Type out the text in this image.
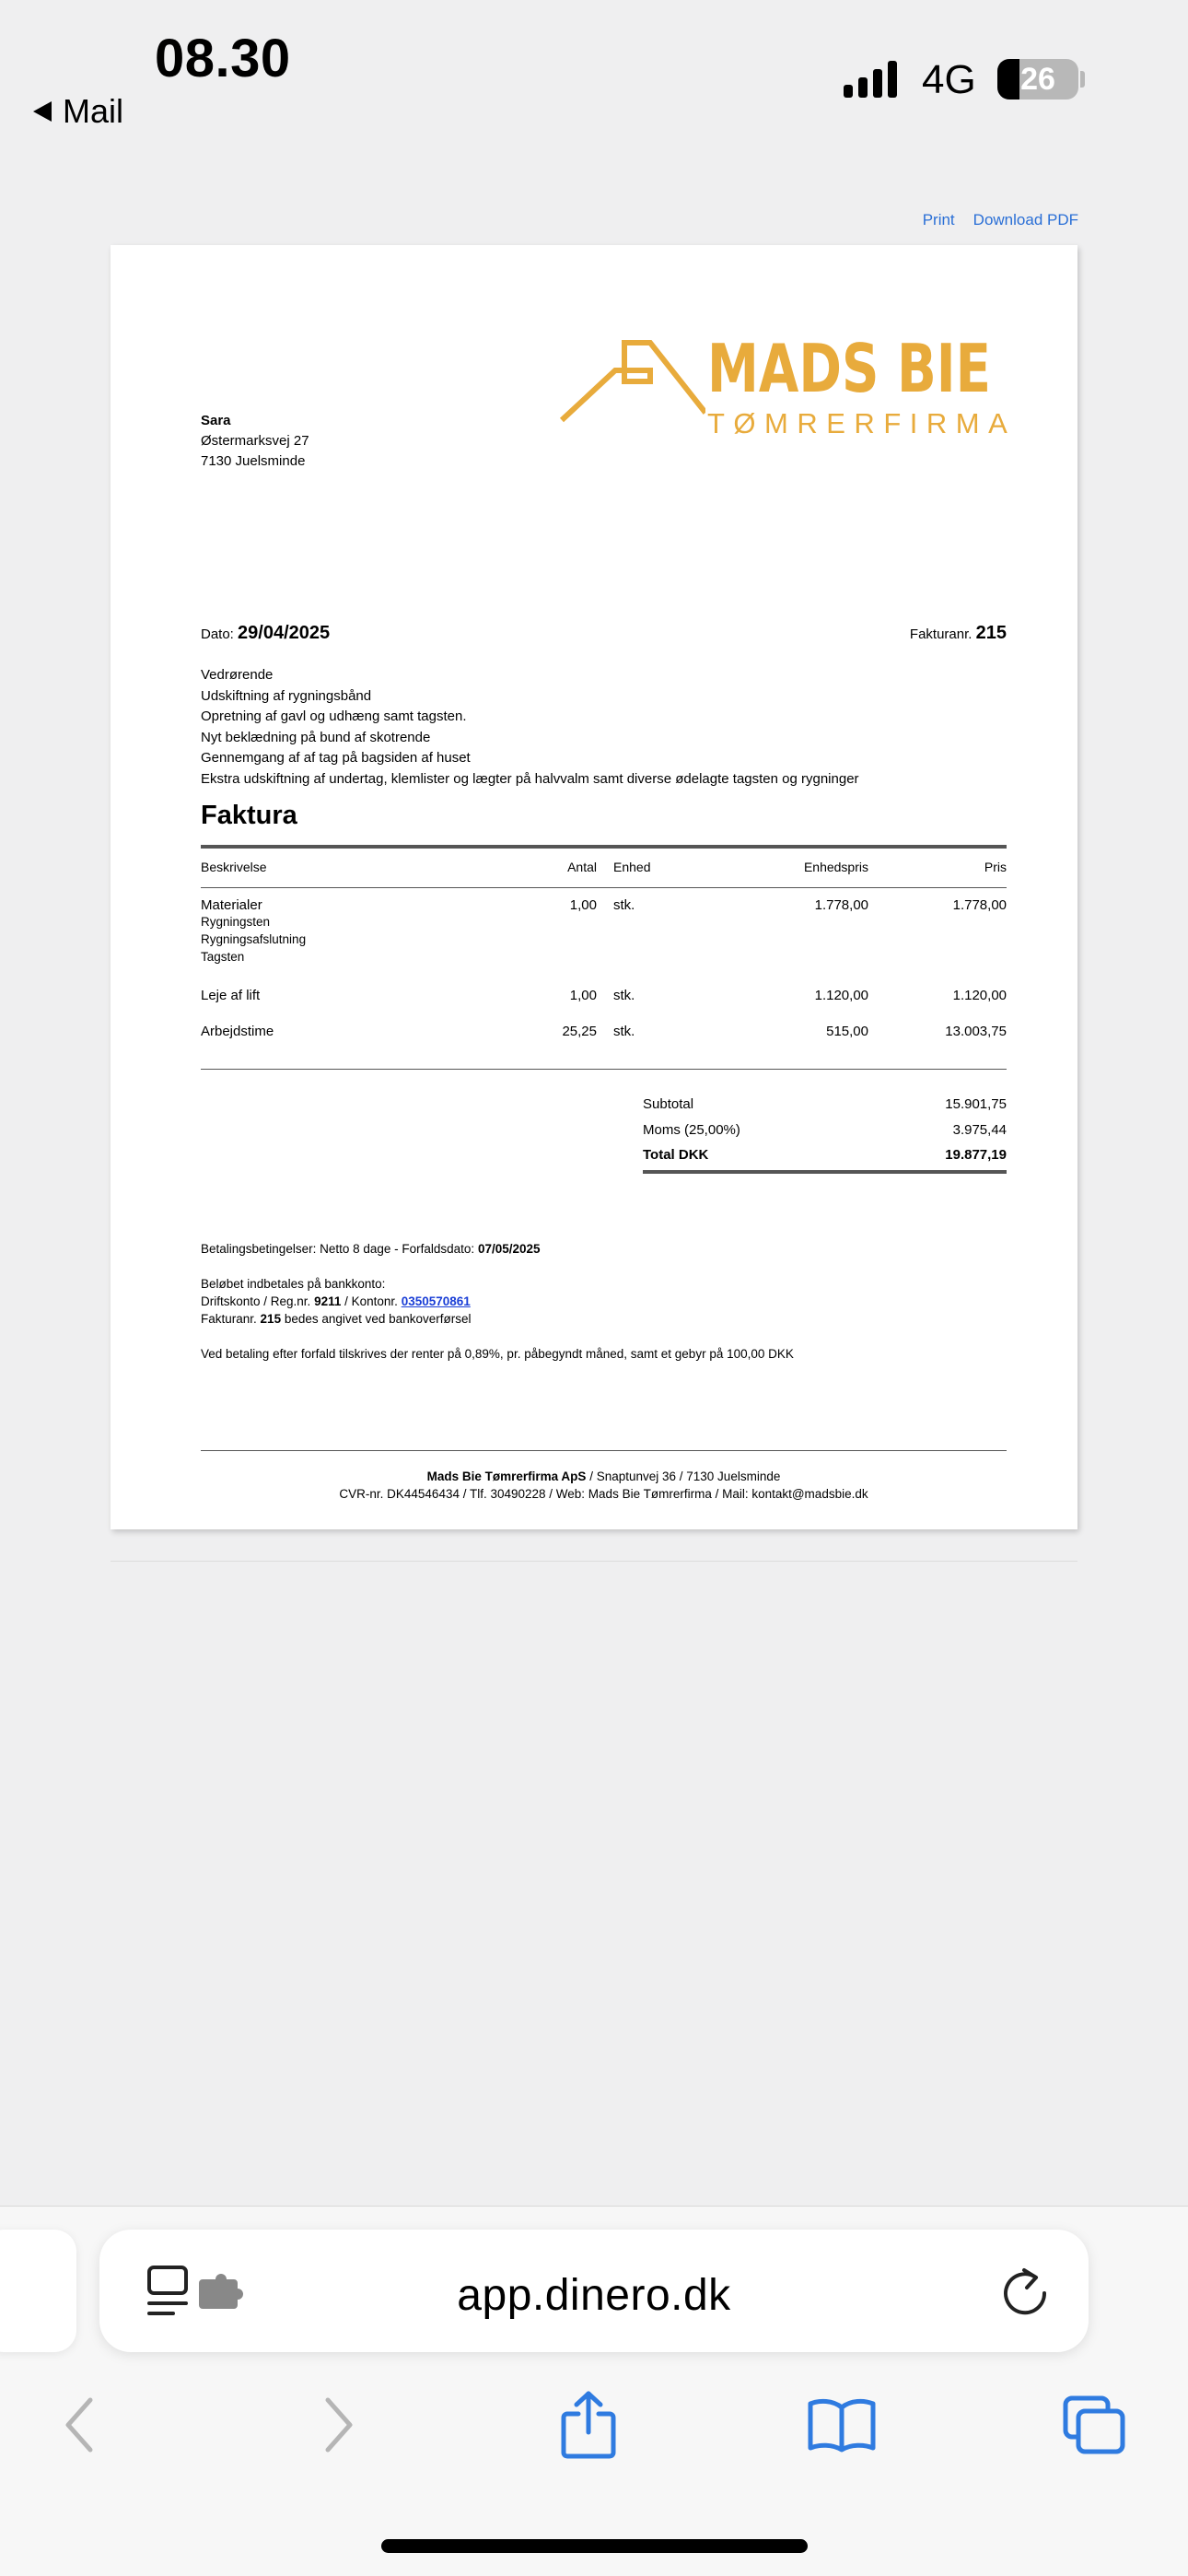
08.30
Mail
4G	26
Print Download PDF
MADS BIE
TØMRERFIRMA
Sara
Østermarksvej 27
7130 Juelsminde
Dato: 29/04/2025	Fakturanr. 215
Vedrørende
Udskiftning af rygningsbånd
Opretning af gavl og udhæng samt tagsten.
Nyt beklædning på bund af skotrende
Gennemgang af af tag på bagsiden af huset
Ekstra udskiftning af undertag, klemlister og lægter på halvvalm samt diverse ødelagte tagsten og rygninger
Faktura
Beskrivelse	Antal	Enhed	Enhedspris	Pris

Materialer
Rygningsten
Rygningsafslutning
Tagsten	1,00	stk.	1.778,00	1.778,00
Leje af lift	1,00	stk.	1.120,00	1.120,00
Arbejdstime	25,25	stk.	515,00	13.003,75
Subtotal	15.901,75
Moms (25,00%)	3.975,44
Total DKK	19.877,19
Betalingsbetingelser: Netto 8 dage - Forfaldsdato: 07/05/2025
Beløbet indbetales på bankkonto:
Driftskonto / Reg.nr. 9211 / Kontonr. 0350570861
Fakturanr. 215 bedes angivet ved bankoverførsel
Ved betaling efter forfald tilskrives der renter på 0,89%, pr. påbegyndt måned, samt et gebyr på 100,00 DKK
Mads Bie Tømrerfirma ApS / Snaptunvej 36 / 7130 Juelsminde
CVR-nr. DK44546434 / Tlf. 30490228 / Web: Mads Bie Tømrerfirma / Mail: kontakt@madsbie.dk
app.dinero.dk
